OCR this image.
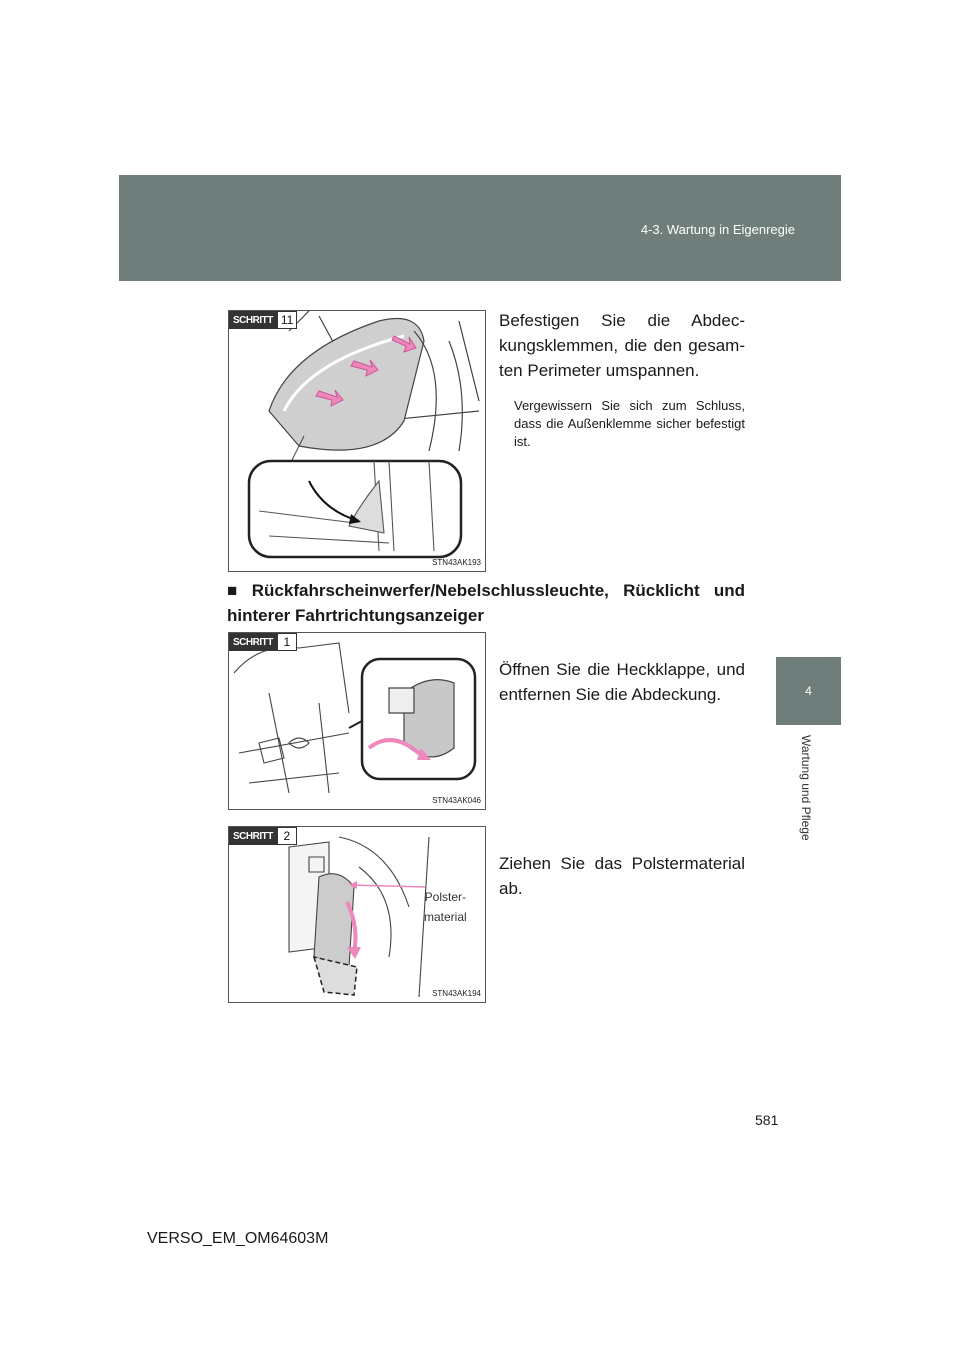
4-3. Wartung in Eigenregie
4
Wartung und Pflege
SCHRITT 11
STN43AK193
Befestigen Sie die Abdeckungsklemmen, die den gesamten Perimeter umspannen.
Vergewissern Sie sich zum Schluss, dass die Außenklemme sicher befestigt ist.
■ Rückfahrscheinwerfer/Nebelschlussleuchte, Rücklicht und hinterer Fahrtrichtungsanzeiger
SCHRITT 1
STN43AK046
Öffnen Sie die Heckklappe, und entfernen Sie die Abdeckung.
SCHRITT 2
Polster-
material
STN43AK194
Ziehen Sie das Polstermaterial ab.
581
VERSO_EM_OM64603M
